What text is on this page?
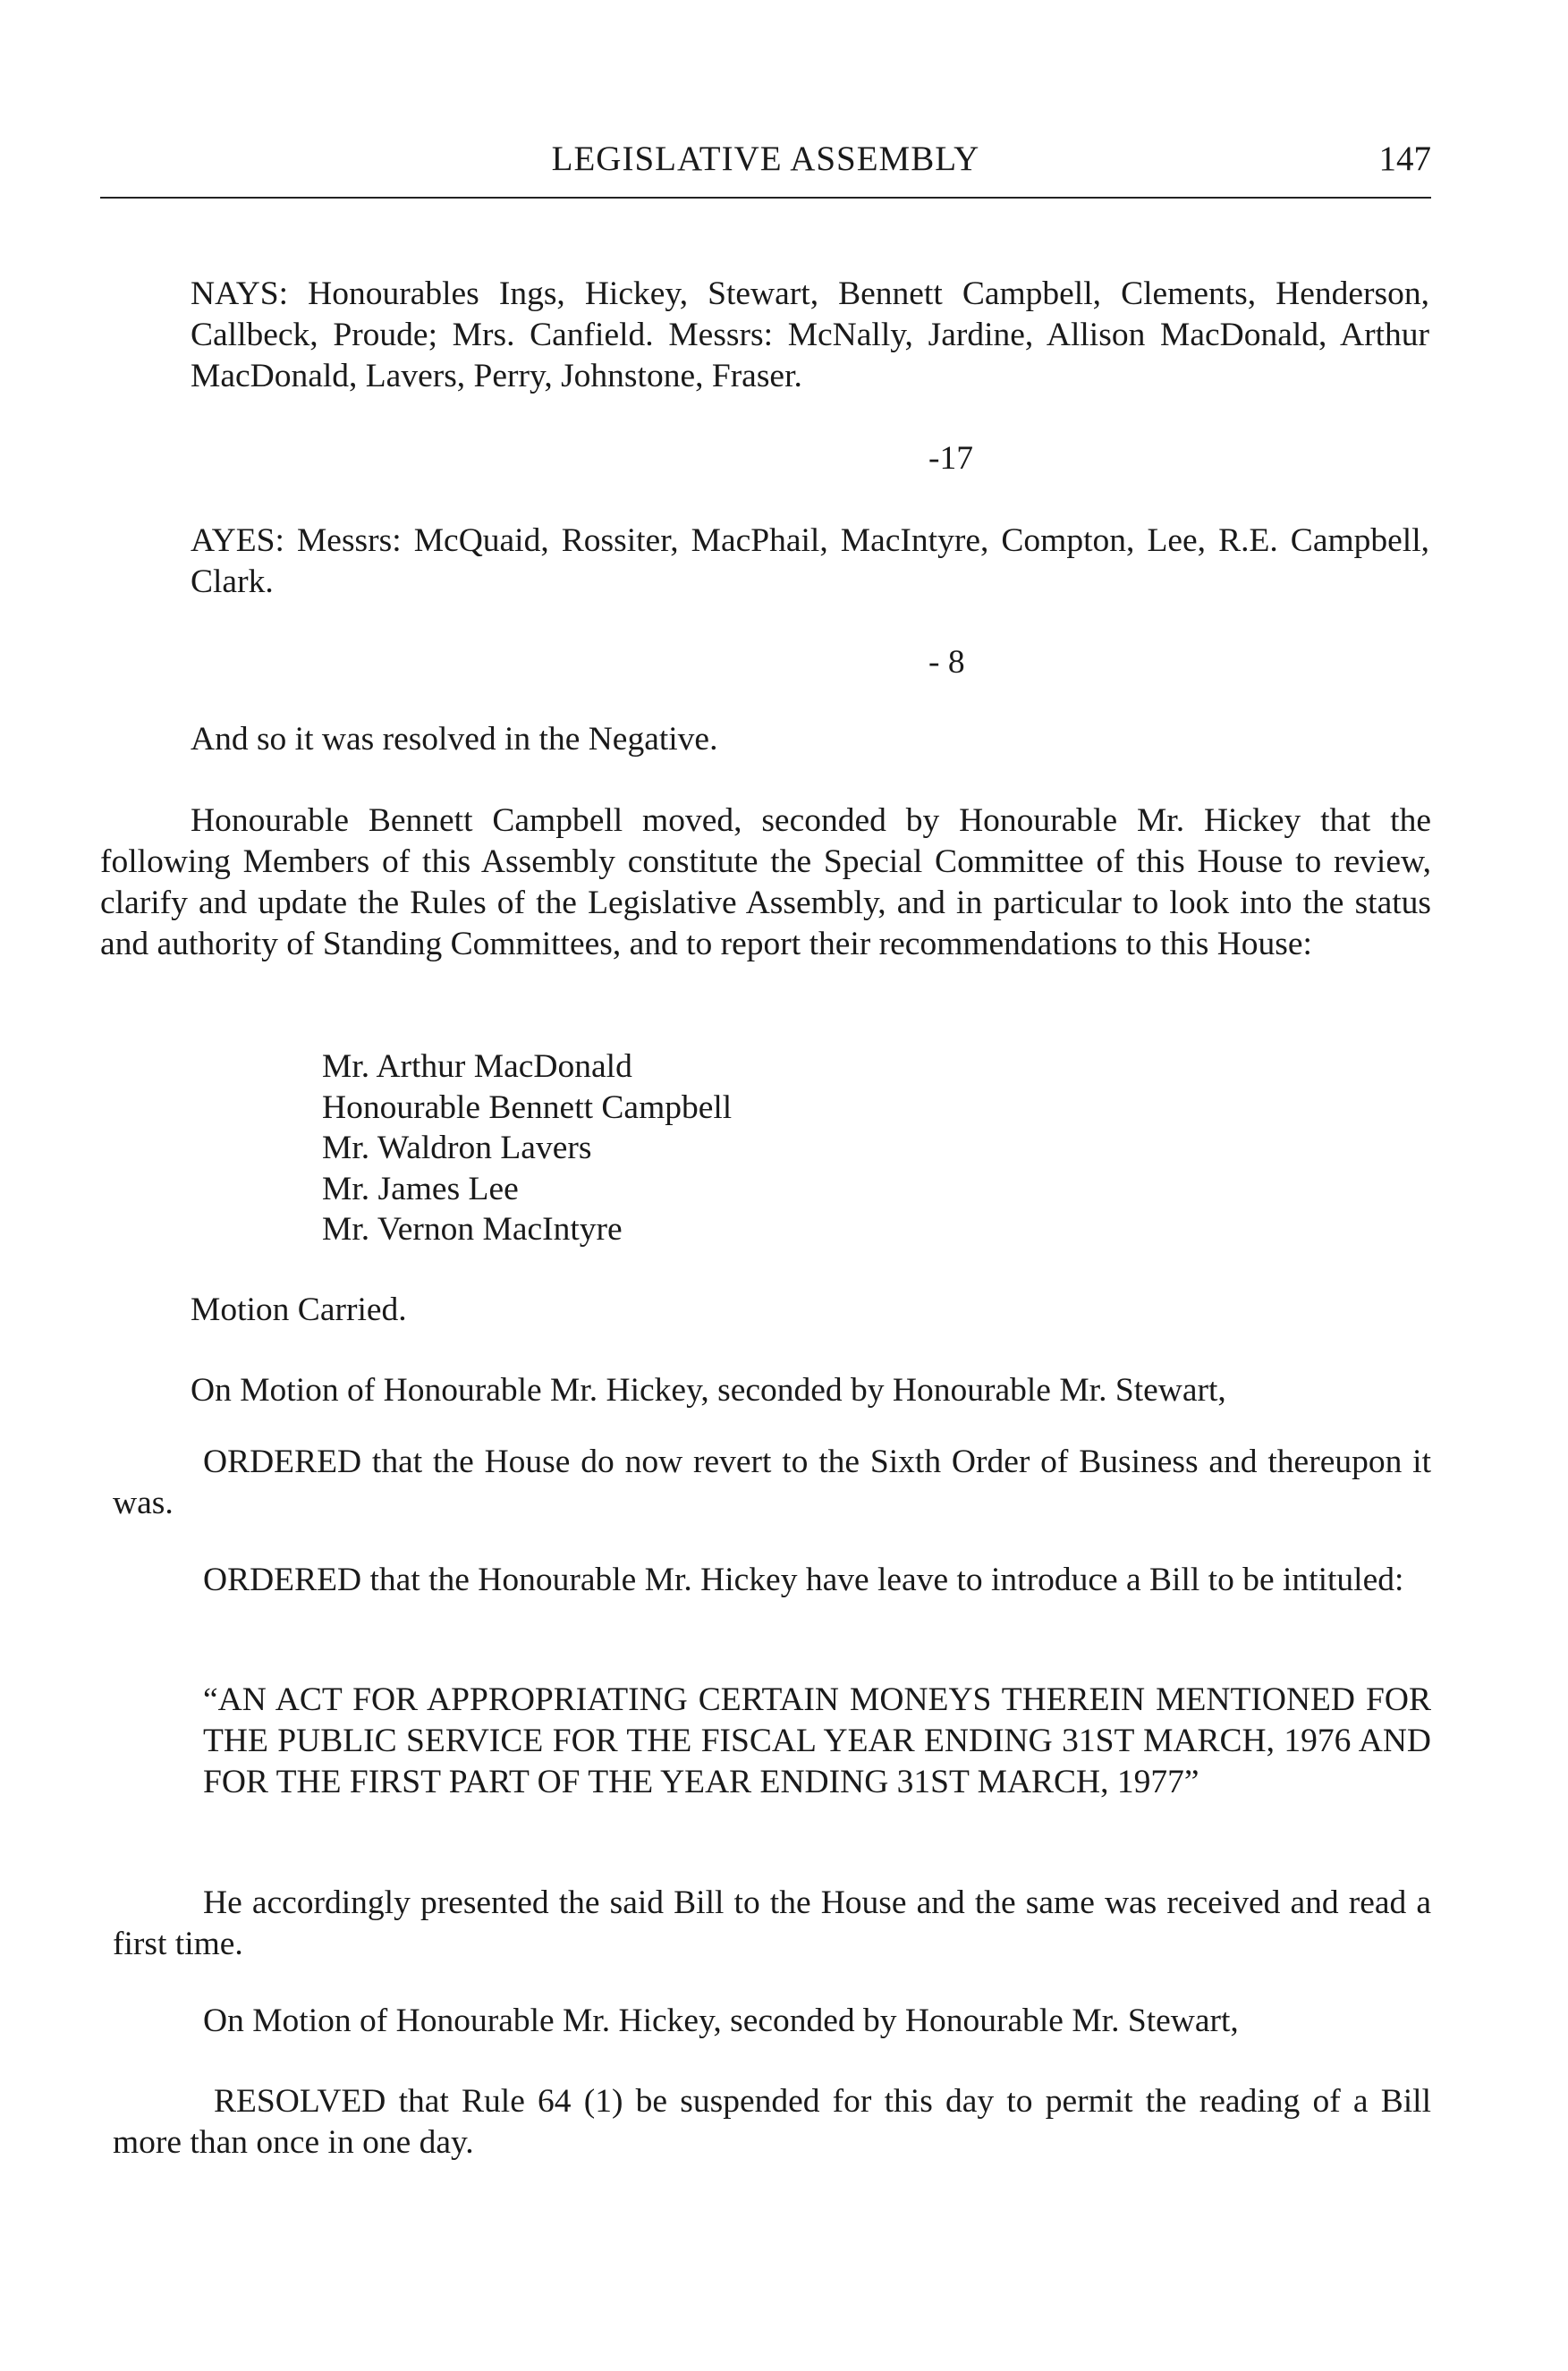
LEGISLATIVE ASSEMBLY	147

NAYS: Honourables Ings, Hickey, Stewart, Bennett Campbell, Clements, Henderson, Callbeck, Proude; Mrs. Canfield. Messrs: McNally, Jardine, Allison MacDonald, Arthur MacDonald, Lavers, Perry, Johnstone, Fraser.

-17

AYES: Messrs: McQuaid, Rossiter, MacPhail, MacIntyre, Compton, Lee, R.E. Campbell, Clark.

- 8

And so it was resolved in the Negative.

Honourable Bennett Campbell moved, seconded by Honourable Mr. Hickey that the following Members of this Assembly constitute the Special Committee of this House to review, clarify and update the Rules of the Legislative Assembly, and in particular to look into the status and authority of Standing Committees, and to report their recommendations to this House:

Mr. Arthur MacDonald
Honourable Bennett Campbell
Mr. Waldron Lavers
Mr. James Lee
Mr. Vernon MacIntyre

Motion Carried.

On Motion of Honourable Mr. Hickey, seconded by Honourable Mr. Stewart,

ORDERED that the House do now revert to the Sixth Order of Business and thereupon it was.

ORDERED that the Honourable Mr. Hickey have leave to introduce a Bill to be intituled:

“AN ACT FOR APPROPRIATING CERTAIN MONEYS THEREIN MENTIONED FOR THE PUBLIC SERVICE FOR THE FISCAL YEAR ENDING 31ST MARCH, 1976 AND FOR THE FIRST PART OF THE YEAR ENDING 31ST MARCH, 1977”

He accordingly presented the said Bill to the House and the same was received and read a first time.

On Motion of Honourable Mr. Hickey, seconded by Honourable Mr. Stewart,

RESOLVED that Rule 64 (1) be suspended for this day to permit the reading of a Bill more than once in one day.
